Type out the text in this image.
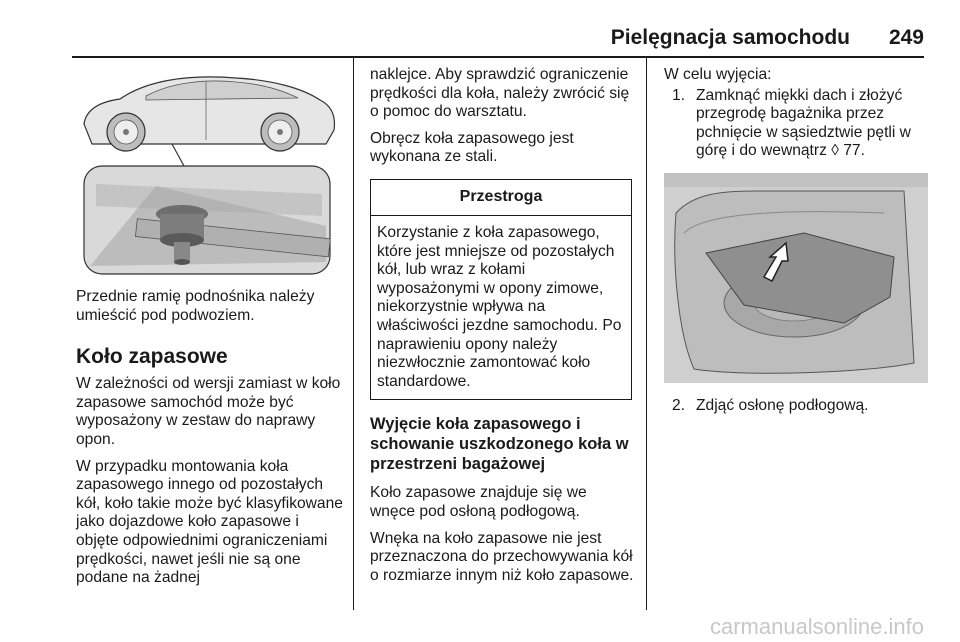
Pielęgnacja samochodu 249

Przednie ramię podnośnika należy umieścić pod podwoziem.

Koło zapasowe

W zależności od wersji zamiast w koło zapasowe samochód może być wyposażony w zestaw do naprawy opon.

W przypadku montowania koła zapasowego innego od pozostałych kół, koło takie może być klasyfikowane jako dojazdowe koło zapasowe i objęte odpowiednimi ograniczeniami prędkości, nawet jeśli nie są one podane na żadnej

naklejce. Aby sprawdzić ograniczenie prędkości dla koła, należy zwrócić się o pomoc do warsztatu.

Obręcz koła zapasowego jest wykonana ze stali.

Przestroga

Korzystanie z koła zapasowego, które jest mniejsze od pozostałych kół, lub wraz z kołami wyposażonymi w opony zimowe, niekorzystnie wpływa na właściwości jezdne samochodu. Po naprawieniu opony należy niezwłocznie zamontować koło standardowe.

Wyjęcie koła zapasowego i schowanie uszkodzonego koła w przestrzeni bagażowej

Koło zapasowe znajduje się we wnęce pod osłoną podłogową.

Wnęka na koło zapasowe nie jest przeznaczona do przechowywania kół o rozmiarze innym niż koło zapasowe.

W celu wyjęcia:

1. Zamknąć miękki dach i złożyć przegrodę bagażnika przez pchnięcie w sąsiedztwie pętli w górę i do wewnątrz ◊ 77.
2. Zdjąć osłonę podłogową.
carmanualsonline.info
